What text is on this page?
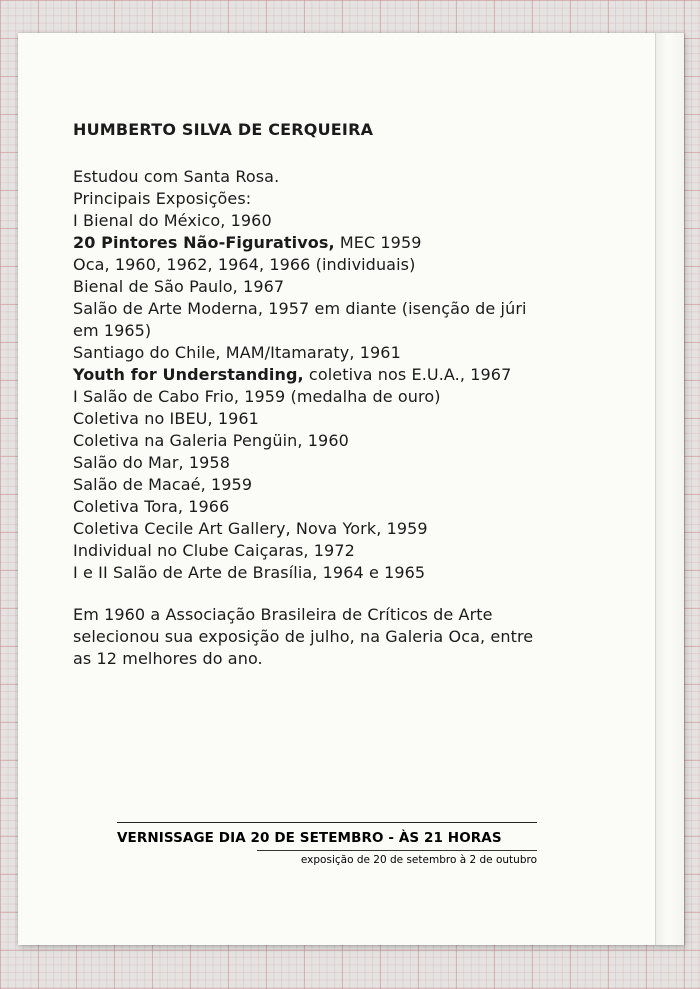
HUMBERTO SILVA DE CERQUEIRA
Estudou com Santa Rosa.
Principais Exposições:
I Bienal do México, 1960
20 Pintores Não-Figurativos, MEC 1959
Oca, 1960, 1962, 1964, 1966 (individuais)
Bienal de São Paulo, 1967
Salão de Arte Moderna, 1957 em diante (isenção de júri
em 1965)
Santiago do Chile, MAM/Itamaraty, 1961
Youth for Understanding, coletiva nos E.U.A., 1967
I Salão de Cabo Frio, 1959 (medalha de ouro)
Coletiva no IBEU, 1961
Coletiva na Galeria Pengüin, 1960
Salão do Mar, 1958
Salão de Macaé, 1959
Coletiva Tora, 1966
Coletiva Cecile Art Gallery, Nova York, 1959
Individual no Clube Caiçaras, 1972
I e II Salão de Arte de Brasília, 1964 e 1965

Em 1960 a Associação Brasileira de Críticos de Arte

selecionou sua exposição de julho, na Galeria Oca, entre

as 12 melhores do ano.

VERNISSAGE DIA 20 DE SETEMBRO - ÀS 21 HORAS
exposição de 20 de setembro à 2 de outubro
